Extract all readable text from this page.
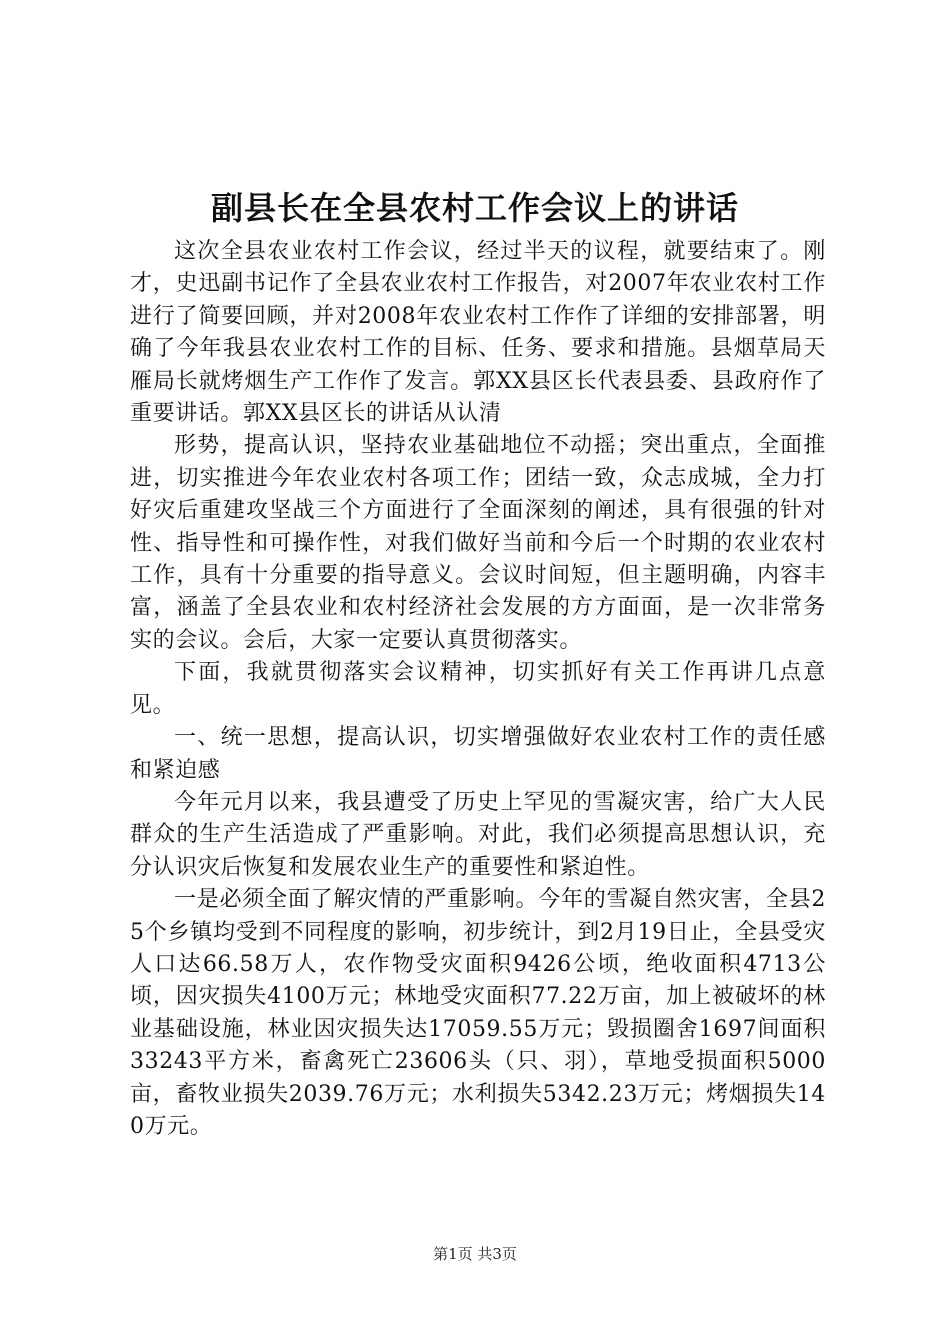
副县长在全县农村工作会议上的讲话

这次全县农业农村工作会议，经过半天的议程，就要结束了。刚才，史迅副书记作了全县农业农村工作报告，对2007年农业农村工作进行了简要回顾，并对2008年农业农村工作作了详细的安排部署，明确了今年我县农业农村工作的目标、任务、要求和措施。县烟草局天雁局长就烤烟生产工作作了发言。郭XX县区长代表县委、县政府作了重要讲话。郭XX县区长的讲话从认清

形势，提高认识，坚持农业基础地位不动摇；突出重点，全面推进，切实推进今年农业农村各项工作；团结一致，众志成城，全力打好灾后重建攻坚战三个方面进行了全面深刻的阐述，具有很强的针对性、指导性和可操作性，对我们做好当前和今后一个时期的农业农村工作，具有十分重要的指导意义。会议时间短，但主题明确，内容丰富，涵盖了全县农业和农村经济社会发展的方方面面，是一次非常务实的会议。会后，大家一定要认真贯彻落实。

下面，我就贯彻落实会议精神，切实抓好有关工作再讲几点意见。

一、统一思想，提高认识，切实增强做好农业农村工作的责任感和紧迫感

今年元月以来，我县遭受了历史上罕见的雪凝灾害，给广大人民群众的生产生活造成了严重影响。对此，我们必须提高思想认识，充分认识灾后恢复和发展农业生产的重要性和紧迫性。

一是必须全面了解灾情的严重影响。今年的雪凝自然灾害，全县25个乡镇均受到不同程度的影响，初步统计，到2月19日止，全县受灾人口达66.58万人，农作物受灾面积9426公顷，绝收面积4713公顷，因灾损失4100万元；林地受灾面积77.22万亩，加上被破坏的林业基础设施，林业因灾损失达17059.55万元；毁损圈舍1697间面积33243平方米，畜禽死亡23606头（只、羽），草地受损面积5000亩，畜牧业损失2039.76万元；水利损失5342.23万元；烤烟损失140万元。

第1页 共3页
